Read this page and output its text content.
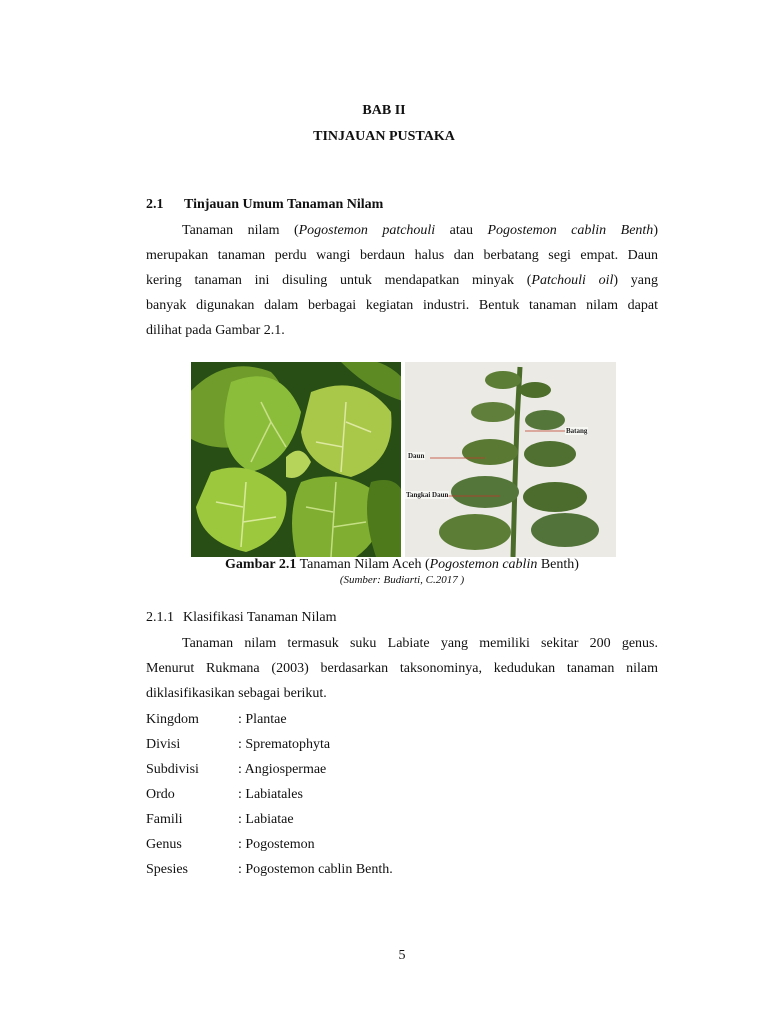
BAB II
TINJAUAN PUSTAKA
2.1 Tinjauan Umum Tanaman Nilam
Tanaman nilam (Pogostemon patchouli atau Pogostemon cablin Benth)
merupakan tanaman perdu wangi berdaun halus dan berbatang segi empat. Daun
kering tanaman ini disuling untuk mendapatkan minyak (Patchouli oil) yang
banyak digunakan dalam berbagai kegiatan industri. Bentuk tanaman nilam dapat
dilihat pada Gambar 2.1.
Batang
Daun
Tangkai Daun
Gambar 2.1 Tanaman Nilam Aceh (Pogostemon cablin Benth)
(Sumber: Budiarti, C.2017 )
2.1.1 Klasifikasi Tanaman Nilam
Tanaman nilam termasuk suku Labiate yang memiliki sekitar 200 genus.
Menurut Rukmana (2003) berdasarkan taksonominya, kedudukan tanaman nilam
diklasifikasikan sebagai berikut.
Kingdom	: Plantae
Divisi	: Sprematophyta
Subdivisi	: Angiospermae
Ordo	: Labiatales
Famili	: Labiatae
Genus	: Pogostemon
Spesies	: Pogostemon cablin Benth.
5
